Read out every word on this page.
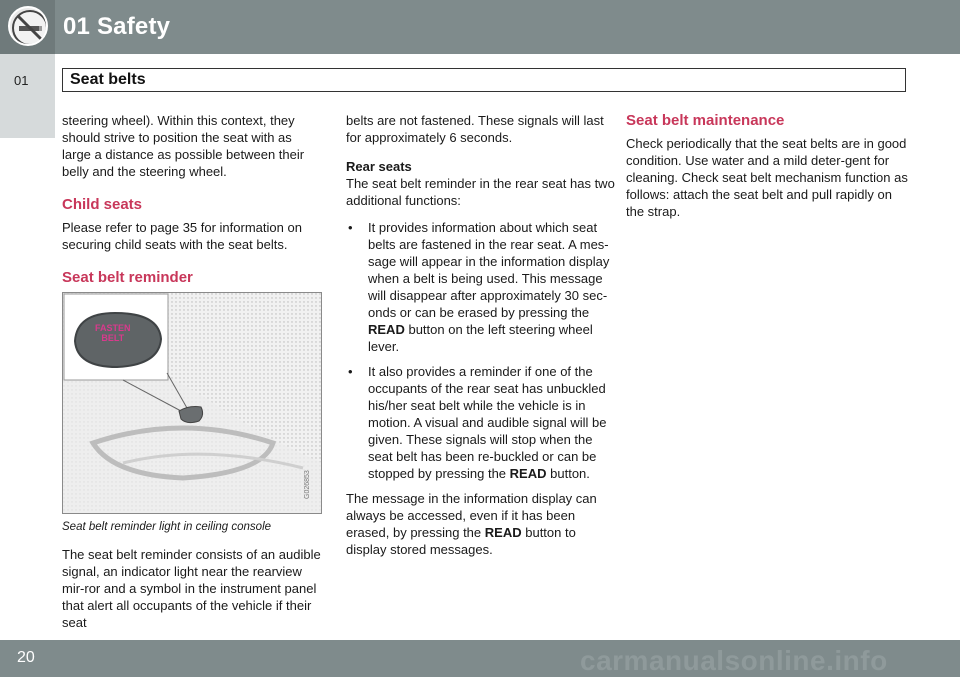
01 Safety
01	Seat belts

steering wheel). Within this context, they should strive to position the seat with as large a distance as possible between their belly and the steering wheel.

Child seats

Please refer to page 35 for information on securing child seats with the seat belts.

Seat belt reminder
G026853
FASTEN
BELT
Seat belt reminder light in ceiling console

The seat belt reminder consists of an audible signal, an indicator light near the rearview mir-ror and a symbol in the instrument panel that alert all occupants of the vehicle if their seat

belts are not fastened. These signals will last for approximately 6 seconds.

Rear seats

The seat belt reminder in the rear seat has two additional functions:

• It provides information about which seat belts are fastened in the rear seat. A mes-sage will appear in the information display when a belt is being used. This message will disappear after approximately 30 sec-onds or can be erased by pressing the READ button on the left steering wheel lever.
• It also provides a reminder if one of the occupants of the rear seat has unbuckled his/her seat belt while the vehicle is in motion. A visual and audible signal will be given. These signals will stop when the seat belt has been re-buckled or can be stopped by pressing the READ button.

The message in the information display can always be accessed, even if it has been erased, by pressing the READ button to display stored messages.

Seat belt maintenance

Check periodically that the seat belts are in good condition. Use water and a mild deter-gent for cleaning. Check seat belt mechanism function as follows: attach the seat belt and pull rapidly on the strap.

20	carmanualsonline.info
